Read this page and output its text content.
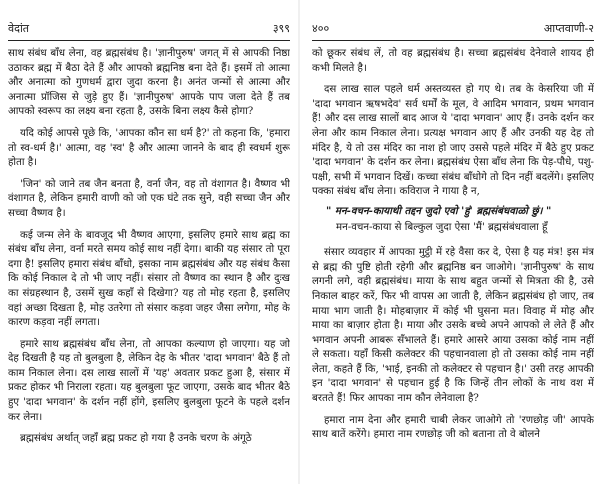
वेदांत	३९९

साथ संबंध बाँध लेना, वह ब्रह्मसंबंध है। 'ज्ञानीपुरुष' जगत् में से आपकी निष्ठा उठाकर ब्रह्म में बैठा देते हैं और आपको ब्रह्मनिष्ठ बना देते हैं। इसमें तो आत्मा और अनात्मा को गुणधर्म द्वारा जुदा करना है। अनंत जन्मों से आत्मा और अनात्मा प्रॉजिस से जुड़े हुए हैं। 'ज्ञानीपुरुष' आपके पाप जला देते हैं तब आपको स्वरूप का लक्ष्य बना रहता है, उसके बिना लक्ष्य कैसे होगा?

यदि कोई आपसे पूछे कि, 'आपका कौन सा धर्म है?' तो कहना कि, 'हमारा तो स्व-धर्म है।' आत्मा, वह 'स्व' है और आत्मा जानने के बाद ही स्वधर्म शुरू होता है।

'जिन' को जाने तब जैन बनता है, वर्ना जैन, वह तो वंशागत है। वैष्णव भी वंशागत है, लेकिन हमारी वाणी को जो एक घंटे तक सुने, वही सच्चा जैन और सच्चा वैष्णव है।

कई जन्म लेने के बावजूद भी वैष्णव आएगा, इसलिए हमारे साथ ब्रह्म का संबंध बाँध लेना, वर्ना मरते समय कोई साथ नहीं देगा। बाकी यह संसार तो पूरा दगा है! इसलिए हमारा संबंध बाँधो, इसका नाम ब्रह्मसंबंध और यह संबंध कैसा कि कोई निकाल दे तो भी जाए नहीं। संसार तो वैष्णव का स्थान है और दुःख का संग्रहस्थान है, उसमें सुख कहाँ से दिखेगा? यह तो मोह रहता है, इसलिए वहां अच्छा दिखता है, मोह उतरेगा तो संसार कड़वा जहर जैसा लगेगा, मोह के कारण कड़वा नहीं लगता।

हमारे साथ ब्रह्मसंबंध बाँध लेना, तो आपका कल्याण हो जाएगा। यह जो देह दिखती है यह तो बुलबुला है, लेकिन देह के भीतर 'दादा भगवान' बैठे हैं तो काम निकाल लेना। दस लाख सालों में 'यह' अवतार प्रकट हुआ है, संसार में प्रकट होकर भी निराला रहता। यह बुलबुला फूट जाएगा, उसके बाद भीतर बैठे हुए 'दादा भगवान' के दर्शन नहीं होंगे, इसलिए बुलबुला फूटने के पहले दर्शन कर लेना।

ब्रह्मसंबंध अर्थात् जहाँ ब्रह्म प्रकट हो गया है उनके चरण के अंगूठे

४००	आप्तवाणी-२

को छूकर संबंध लें, तो वह ब्रह्मसंबंध है। सच्चा ब्रह्मसंबंध देनेवाले शायद ही कभी मिलते है।

दस लाख साल पहले धर्म अस्तव्यस्त हो गए थे। तब के केसरिया जी में 'दादा भगवान ऋषभदेव' सर्व धर्मों के मूल, वे आदिम भगवान, प्रथम भगवान हैं! और दस लाख सालों बाद आज ये 'दादा भगवान' आए हैं। उनके दर्शन कर लेना और काम निकाल लेना। प्रत्यक्ष भगवान आए हैं और उनकी यह देह तो मंदिर है, ये तो उस मंदिर का नाश हो जाए उससे पहले मंदिर में बैठे हुए प्रकट 'दादा भगवान' के दर्शन कर लेना। ब्रह्मसंबंध ऐसा बाँध लेना कि पेड़-पौधे, पशु-पक्षी, सभी में भगवान दिखें। कच्चा संबंध बाँधोगे तो दिन नहीं बदलेंगे। इसलिए पक्का संबंध बाँध लेना। कविराज ने गाया है न,

" मन-वचन-कायाथी तद्दन जुदो एवो 'हुं' ब्रह्मसंबंधवाळो छुं। "
मन-वचन-काया से बिल्कुल जुदा ऐसा 'मैं' ब्रह्मसंबंधवाला हूँ

संसार व्यवहार में आपका मुट्ठी में रहे वैसा कर दे, ऐसा है यह मंत्र! इस मंत्र से ब्रह्म की पुष्टि होती रहेगी और ब्रह्मनिष्ठ बन जाओगे। 'ज्ञानीपुरुष' के साथ लगनी लगे, वही ब्रह्मसंबंध। माया के साथ बहुत जन्मों से मित्रता की है, उसे निकाल बाहर करें, फिर भी वापस आ जाती है, लेकिन ब्रह्मसंबंध हो जाए, तब माया भाग जाती है। मोहबाज़ार में कोई भी घुसना मत। विवाह में मोह और माया का बाज़ार होता है। माया और उसके बच्चे अपने आपको ले लेते हैं और भगवान अपनी आबरू सँभालते हैं। हमारे आसरे आया उसका कोई नाम नहीं ले सकता। यहाँ किसी कलेक्टर की पहचानवाला हो तो उसका कोई नाम नहीं लेता, कहते हैं कि, 'भाई, इनकी तो कलेक्टर से पहचान है।' उसी तरह आपकी इन 'दादा भगवान' से पहचान हुई है कि जिन्हें तीन लोकों के नाथ वश में बरतते हैं! फिर आपका नाम कौन लेनेवाला है?

हमारा नाम देना और हमारी चाबी लेकर जाओगे तो 'रणछोड़ जी' आपके साथ बातें करेंगे। हमारा नाम रणछोड़ जी को बताना तो वे बोलने
